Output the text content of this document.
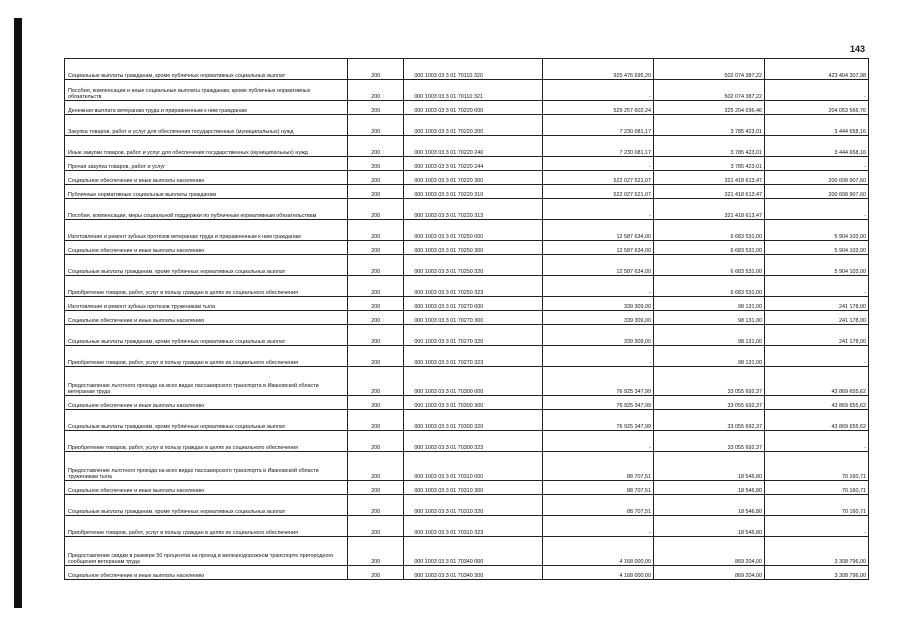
143
Социальные выплаты гражданам, кроме публичных нормативных социальных выплат	200	000 1003 03 3 01 70110 320	925 476 695,20	502 074 387,22	423 404 307,98
Пособия, компенсации и иные социальные выплаты гражданам, кроме публичных нормативных обязательств	200	000 1003 03 3 01 70110 321	-	502 074 387,22	-
Денежная выплата ветеранам труда и приравненным к ним гражданам	200	000 1003 03 3 01 70220 000	529 257 602,24	325 204 036,46	204 053 566,76
Закупка товаров, работ и услуг для обеспечения государственных (муниципальных) нужд	200	000 1003 03 3 01 70220 200	7 230 081,17	3 785 423,01	3 444 658,16
Иные закупки товаров, работ и услуг для обеспечения государственных (муниципальных) нужд	200	000 1003 03 3 01 70220 240	7 230 081,17	3 785 423,01	3 444 658,16
Прочая закупка товаров, работ и услуг	200	000 1003 03 3 01 70220 244	-	3 785 423,01	-
Социальное обеспечение и иные выплаты населению	200	000 1003 03 3 01 70220 300	522 027 521,07	321 418 613,47	200 608 907,60
Публичные нормативные социальные выплаты гражданам	200	000 1003 03 3 01 70220 310	522 027 521,07	321 418 613,47	200 608 907,60
Пособия, компенсации, меры социальной поддержки по публичным нормативным обязательствам	200	000 1003 03 3 01 70220 313	-	321 418 613,47	-
Изготовление и ремонт зубных протезов ветеранам труда и приравненным к ним гражданам	200	000 1003 03 3 01 70250 000	12 587 634,00	6 683 531,00	5 904 103,00
Социальное обеспечение и иные выплаты населению	200	000 1003 03 3 01 70250 300	12 587 634,00	6 683 531,00	5 904 103,00
Социальные выплаты гражданам, кроме публичных нормативных социальных выплат	200	000 1003 03 3 01 70250 320	12 587 634,00	6 683 531,00	5 904 103,00
Приобретение товаров, работ, услуг в пользу граждан в целях их социального обеспечения	200	000 1003 03 3 01 70250 323	-	6 683 531,00	-
Изготовление и ремонт зубных протезов труженикам тыла	200	000 1003 03 3 01 70270 000	339 309,00	98 131,00	241 178,00
Социальное обеспечение и иные выплаты населению	200	000 1003 03 3 01 70270 300	339 309,00	98 131,00	241 178,00
Социальные выплаты гражданам, кроме публичных нормативных социальных выплат	200	000 1003 03 3 01 70270 320	339 309,00	98 131,00	241 178,00
Приобретение товаров, работ, услуг в пользу граждан в целях их социального обеспечения	200	000 1003 03 3 01 70270 323	-	98 131,00	-
Предоставление льготного проезда на всех видах пассажирского транспорта в Ивановской области ветеранам труда	200	000 1003 03 3 01 70300 000	76 925 347,99	33 055 692,37	43 869 655,62
Социальное обеспечение и иные выплаты населению	200	000 1003 03 3 01 70300 300	76 925 347,99	33 055 692,37	43 869 655,62
Социальные выплаты гражданам, кроме публичных нормативных социальных выплат	200	000 1003 03 3 01 70300 320	76 925 347,99	33 055 692,37	43 869 655,62
Приобретение товаров, работ, услуг в пользу граждан в целях их социального обеспечения	200	000 1003 03 3 01 70300 323	-	33 055 692,37	-
Предоставление льготного проезда на всех видах пассажирского транспорта в Ивановской области труженикам тыла	200	000 1003 03 3 01 70310 000	88 707,51	18 546,80	70 160,71
Социальное обеспечение и иные выплаты населению	200	000 1003 03 3 01 70310 300	88 707,51	18 546,80	70 160,71
Социальные выплаты гражданам, кроме публичных нормативных социальных выплат	200	000 1003 03 3 01 70310 320	88 707,51	18 546,80	70 160,71
Приобретение товаров, работ, услуг в пользу граждан в целях их социального обеспечения	200	000 1003 03 3 01 70310 323	-	18 546,80	-
Предоставление скидки в размере 50 процентов на проезд в железнодорожном транспорте пригородного сообщения ветеранам труда	200	000 1003 03 3 01 70340 000	4 168 000,00	869 204,00	3 308 796,00
Социальное обеспечение и иные выплаты населению	200	000 1003 03 3 01 70340 300	4 168 000,00	869 204,00	3 308 796,00
